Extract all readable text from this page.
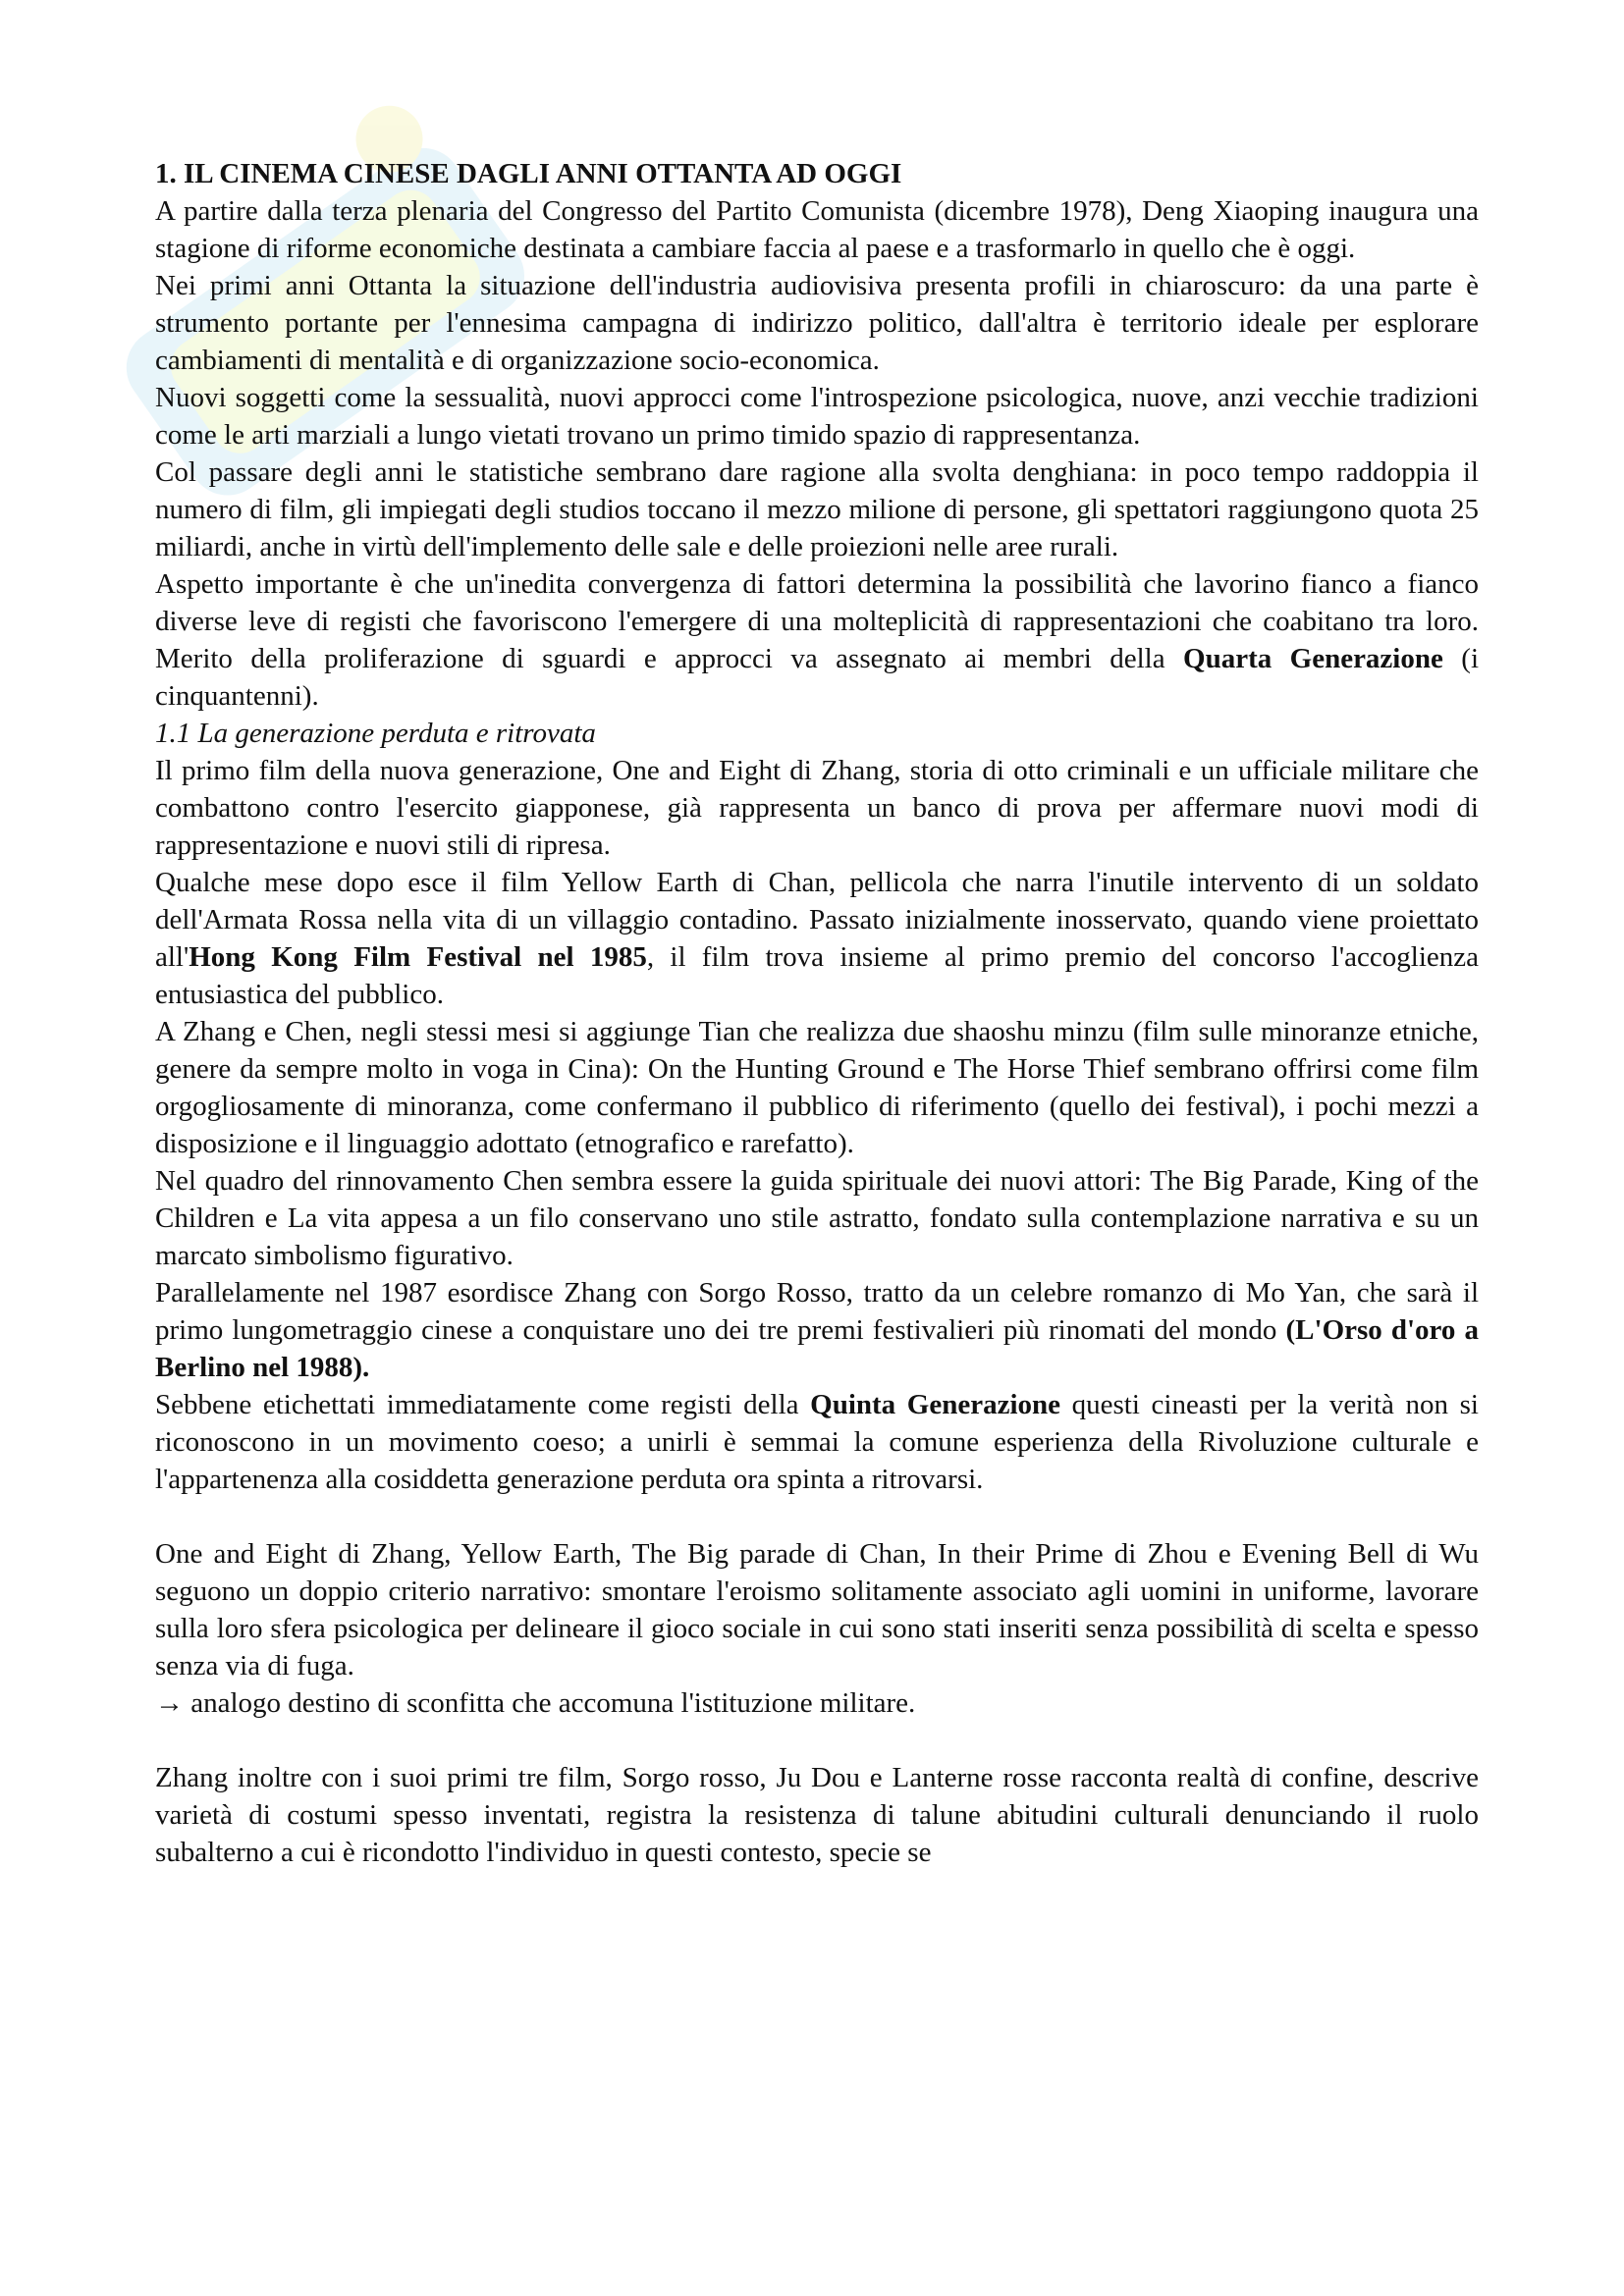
1. IL CINEMA CINESE DAGLI ANNI OTTANTA AD OGGI

A partire dalla terza plenaria del Congresso del Partito Comunista (dicembre 1978), Deng Xiaoping inaugura una stagione di riforme economiche destinata a cambiare faccia al paese e a trasformarlo in quello che è oggi.

Nei primi anni Ottanta la situazione dell'industria audiovisiva presenta profili in chiaroscuro: da una parte è strumento portante per l'ennesima campagna di indirizzo politico, dall'altra è territorio ideale per esplorare cambiamenti di mentalità e di organizzazione socio-economica.

Nuovi soggetti come la sessualità, nuovi approcci come l'introspezione psicologica, nuove, anzi vecchie tradizioni come le arti marziali a lungo vietati trovano un primo timido spazio di rappresentanza.

Col passare degli anni le statistiche sembrano dare ragione alla svolta denghiana: in poco tempo raddoppia il numero di film, gli impiegati degli studios toccano il mezzo milione di persone, gli spettatori raggiungono quota 25 miliardi, anche in virtù dell'implemento delle sale e delle proiezioni nelle aree rurali.

Aspetto importante è che un'inedita convergenza di fattori determina la possibilità che lavorino fianco a fianco diverse leve di registi che favoriscono l'emergere di una molteplicità di rappresentazioni che coabitano tra loro. Merito della proliferazione di sguardi e approcci va assegnato ai membri della Quarta Generazione (i cinquantenni).

1.1 La generazione perduta e ritrovata

Il primo film della nuova generazione, One and Eight di Zhang, storia di otto criminali e un ufficiale militare che combattono contro l'esercito giapponese, già rappresenta un banco di prova per affermare nuovi modi di rappresentazione e nuovi stili di ripresa.

Qualche mese dopo esce il film Yellow Earth di Chan, pellicola che narra l'inutile intervento di un soldato dell'Armata Rossa nella vita di un villaggio contadino. Passato inizialmente inosservato, quando viene proiettato all'Hong Kong Film Festival nel 1985, il film trova insieme al primo premio del concorso l'accoglienza entusiastica del pubblico.

A Zhang e Chen, negli stessi mesi si aggiunge Tian che realizza due shaoshu minzu (film sulle minoranze etniche, genere da sempre molto in voga in Cina): On the Hunting Ground e The Horse Thief sembrano offrirsi come film orgogliosamente di minoranza, come confermano il pubblico di riferimento (quello dei festival), i pochi mezzi a disposizione e il linguaggio adottato (etnografico e rarefatto).

Nel quadro del rinnovamento Chen sembra essere la guida spirituale dei nuovi attori: The Big Parade, King of the Children e La vita appesa a un filo conservano uno stile astratto, fondato sulla contemplazione narrativa e su un marcato simbolismo figurativo.

Parallelamente nel 1987 esordisce Zhang con Sorgo Rosso, tratto da un celebre romanzo di Mo Yan, che sarà il primo lungometraggio cinese a conquistare uno dei tre premi festivalieri più rinomati del mondo (L'Orso d'oro a Berlino nel 1988).

Sebbene etichettati immediatamente come registi della Quinta Generazione questi cineasti per la verità non si riconoscono in un movimento coeso; a unirli è semmai la comune esperienza della Rivoluzione culturale e l'appartenenza alla cosiddetta generazione perduta ora spinta a ritrovarsi.

One and Eight di Zhang, Yellow Earth, The Big parade di Chan, In their Prime di Zhou e Evening Bell di Wu seguono un doppio criterio narrativo: smontare l'eroismo solitamente associato agli uomini in uniforme, lavorare sulla loro sfera psicologica per delineare il gioco sociale in cui sono stati inseriti senza possibilità di scelta e spesso senza via di fuga.

→ analogo destino di sconfitta che accomuna l'istituzione militare.

Zhang inoltre con i suoi primi tre film, Sorgo rosso, Ju Dou e Lanterne rosse racconta realtà di confine, descrive varietà di costumi spesso inventati, registra la resistenza di talune abitudini culturali denunciando il ruolo subalterno a cui è ricondotto l'individuo in questi contesto, specie se
